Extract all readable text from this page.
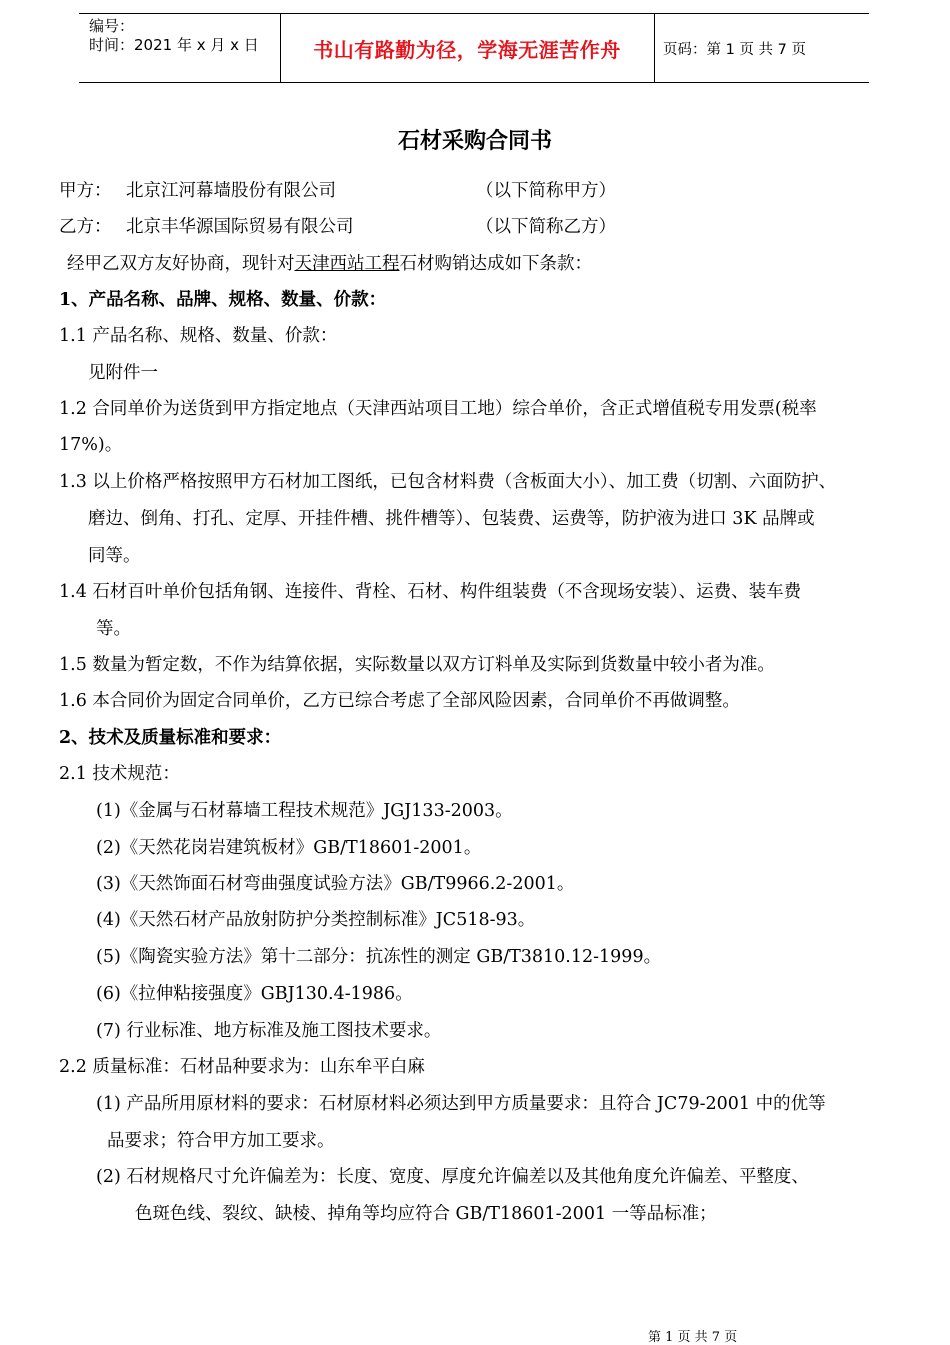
编号：
时间：2021 年 x 月 x 日	书山有路勤为径，学海无涯苦作舟	页码：第 1 页 共 7 页
石材采购合同书
甲方： 北京江河幕墙股份有限公司	（以下简称甲方）
乙方： 北京丰华源国际贸易有限公司	（以下简称乙方）
经甲乙双方友好协商，现针对天津西站工程石材购销达成如下条款：
1、产品名称、品牌、规格、数量、价款：
1.1 产品名称、规格、数量、价款：
见附件一
1.2 合同单价为送货到甲方指定地点（天津西站项目工地）综合单价，含正式增值税专用发票(税率
17%)。
1.3 以上价格严格按照甲方石材加工图纸，已包含材料费（含板面大小）、加工费（切割、六面防护、
磨边、倒角、打孔、定厚、开挂件槽、挑件槽等）、包装费、运费等，防护液为进口 3K 品牌或
同等。
1.4 石材百叶单价包括角钢、连接件、背栓、石材、构件组装费（不含现场安装）、运费、装车费
等。
1.5 数量为暂定数，不作为结算依据，实际数量以双方订料单及实际到货数量中较小者为准。
1.6 本合同价为固定合同单价，乙方已综合考虑了全部风险因素，合同单价不再做调整。
2、技术及质量标准和要求：
2.1 技术规范：
(1)《金属与石材幕墙工程技术规范》JGJ133-2003。
(2)《天然花岗岩建筑板材》GB/T18601-2001。
(3)《天然饰面石材弯曲强度试验方法》GB/T9966.2-2001。
(4)《天然石材产品放射防护分类控制标准》JC518-93。
(5)《陶瓷实验方法》第十二部分：抗冻性的测定 GB/T3810.12-1999。
(6)《拉伸粘接强度》GBJ130.4-1986。
(7) 行业标准、地方标准及施工图技术要求。
2.2 质量标准：石材品种要求为：山东牟平白麻
(1) 产品所用原材料的要求：石材原材料必须达到甲方质量要求：且符合 JC79-2001 中的优等
品要求；符合甲方加工要求。
(2) 石材规格尺寸允许偏差为：长度、宽度、厚度允许偏差以及其他角度允许偏差、平整度、
色斑色线、裂纹、缺棱、掉角等均应符合 GB/T18601-2001 一等品标准；
第 1 页 共 7 页
